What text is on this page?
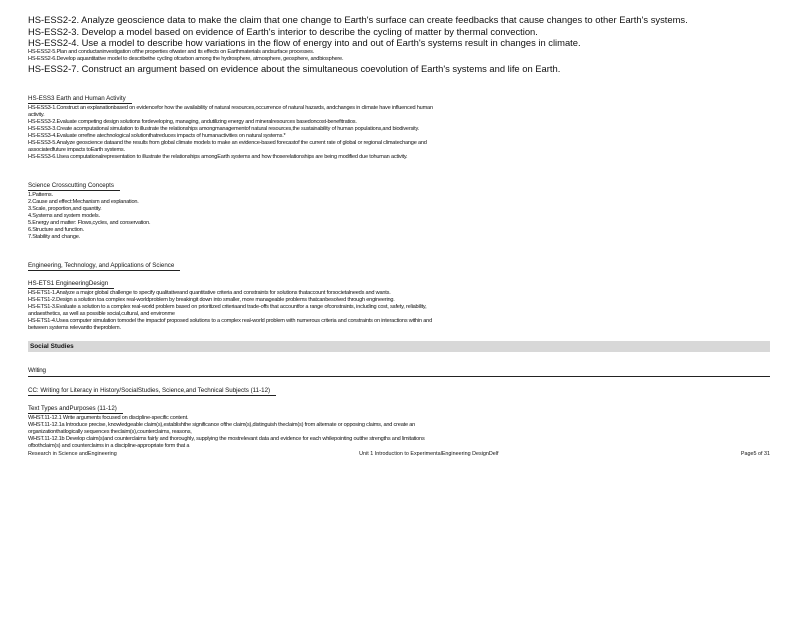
HS-ESS2-2. Analyze geoscience data to make the claim that one change to Earth's surface can create feedbacks that cause changes to other Earth's systems.
HS-ESS2-3. Develop a model based on evidence of Earth's interior to describe the cycling of matter by thermal convection.
HS-ESS2-4. Use a model to describe how variations in the flow of energy into and out of Earth's systems result in changes in climate.
HS-ESS2-5.Plan and conductaninvestigation ofthe properties ofwater and its effects on Earthmaterials andsurface processes.
HS-ESS2-6.Develop aquantitative model to describethe cycling ofcarbon among the hydrosphere, atmosphere, geosphere, andbiosphere.
HS-ESS2-7. Construct an argument based on evidence about the simultaneous coevolution of Earth's systems and life on Earth.
HS-ESS3 Earth and Human Activity
HS-ESS3-1.Construct an explanationbased on evidencefor how the availability of natural resources,occurrence of natural hazards, andchanges in climate have influenced human
activity.
HS-ESS3-2.Evaluate competing design solutions fordeveloping, managing, andutilizing energy and mineralresources basedoncost-benefitratios.
HS-ESS3-3.Create acomputational simulation to illustrate the relationships amongmanagementof natural resources,the sustainability of human populations,and biodiversity.
HS-ESS3-4.Evaluate orrefine atechnological solutionthatreduces impacts of humanactivities on natural systems.*
HS-ESS3-5.Analyze geoscience dataand the results from global climate models to make an evidence-based forecastof the current rate of global or regional climatechange and
associatedfuture impacts toEarth systems.
HS-ESS3-6.Usea computationalrepresentation to illustrate the relationships amongEarth systems and how thoserelationships are being modified due tohuman activity.
Science Crosscutting Concepts
1.Patterns.
2.Cause and effect:Mechanism and explanation.
3.Scale, proportion,and quantity.
4.Systems and system models.
5.Energy and matter: Flows,cycles, and conservation.
6.Structure and function.
7.Stability and change.
Engineering, Technology, and Applications of Science
HS-ETS1 EngineeringDesign
HS-ETS1-1.Analyze a major global challenge to specify qualitativeand quantitative criteria and constraints for solutions thataccount forsocietalneeds and wants.
HS-ETS1-2.Design a solution toa complex real-worldproblem by breakingit down into smaller, more manageable problems thatcanbesolved through engineering.
HS-ETS1-3.Evaluate a solution to a complex real-world problem based on prioritized criteriaand trade-offs that accountfor a range ofconstraints, including cost, safety, reliability,
andaesthetics, as well as possible social,cultural, and environme
HS-ETS1-4.Usea computer simulation tomodel the impactof proposed solutions to a complex real-world problem with numerous criteria and constraints on interactions within and
between systems relevantto theproblem.
Social Studies
Writing
CC: Writing for Literacy in History/SocialStudies, Science,and Technical Subjects (11-12)
Text Types andPurposes (11-12)
WHST.11-12.1 Write arguments focused on discipline-specific content.
WHST.11-12.1a Introduce precise, knowledgeable claim(s),establishthe significance ofthe claim(s),distinguish theclaim(s) from alternate or opposing claims, and create an
organizationthatlogically sequences theclaim(s),counterclaims, reasons,
WHST.11-12.1b Develop claim(s)and counterclaims fairly and thoroughly, supplying the mostrelevant data and evidence for each whilepointing outthe strengths and limitations
ofbothclaim(s) and counterclaims in a discipline-appropriate form that a
Research in Science andEngineering	Unit 1 Introduction to ExperimentalEngineering DesignDelf	Page5 of 31
